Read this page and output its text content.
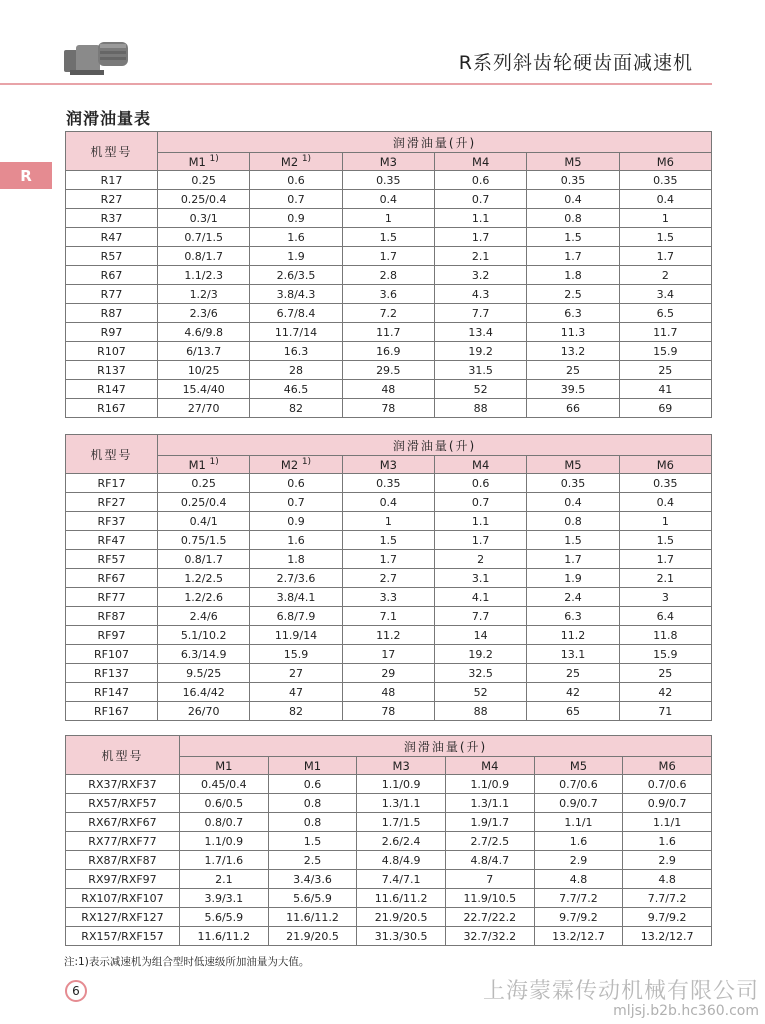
R系列斜齿轮硬齿面减速机
R
润滑油量表
机型号	润滑油量(升)					
	M1 $^{1)}$	M2 $^{1)}$	M3	M4	M5	M6
R17	0.25	0.6	0.35	0.6	0.35	0.35
R27	0.25/0.4	0.7	0.4	0.7	0.4	0.4
R37	0.3/1	0.9	1	1.1	0.8	1
R47	0.7/1.5	1.6	1.5	1.7	1.5	1.5
R57	0.8/1.7	1.9	1.7	2.1	1.7	1.7
R67	1.1/2.3	2.6/3.5	2.8	3.2	1.8	2
R77	1.2/3	3.8/4.3	3.6	4.3	2.5	3.4
R87	2.3/6	6.7/8.4	7.2	7.7	6.3	6.5
R97	4.6/9.8	11.7/14	11.7	13.4	11.3	11.7
R107	6/13.7	16.3	16.9	19.2	13.2	15.9
R137	10/25	28	29.5	31.5	25	25
R147	15.4/40	46.5	48	52	39.5	41
R167	27/70	82	78	88	66	69
机型号	润滑油量(升)					
	M1 $^{1)}$	M2 $^{1)}$	M3	M4	M5	M6
RF17	0.25	0.6	0.35	0.6	0.35	0.35
RF27	0.25/0.4	0.7	0.4	0.7	0.4	0.4
RF37	0.4/1	0.9	1	1.1	0.8	1
RF47	0.75/1.5	1.6	1.5	1.7	1.5	1.5
RF57	0.8/1.7	1.8	1.7	2	1.7	1.7
RF67	1.2/2.5	2.7/3.6	2.7	3.1	1.9	2.1
RF77	1.2/2.6	3.8/4.1	3.3	4.1	2.4	3
RF87	2.4/6	6.8/7.9	7.1	7.7	6.3	6.4
RF97	5.1/10.2	11.9/14	11.2	14	11.2	11.8
RF107	6.3/14.9	15.9	17	19.2	13.1	15.9
RF137	9.5/25	27	29	32.5	25	25
RF147	16.4/42	47	48	52	42	42
RF167	26/70	82	78	88	65	71
机型号	润滑油量(升)					
	M1	M1	M3	M4	M5	M6
RX37/RXF37	0.45/0.4	0.6	1.1/0.9	1.1/0.9	0.7/0.6	0.7/0.6
RX57/RXF57	0.6/0.5	0.8	1.3/1.1	1.3/1.1	0.9/0.7	0.9/0.7
RX67/RXF67	0.8/0.7	0.8	1.7/1.5	1.9/1.7	1.1/1	1.1/1
RX77/RXF77	1.1/0.9	1.5	2.6/2.4	2.7/2.5	1.6	1.6
RX87/RXF87	1.7/1.6	2.5	4.8/4.9	4.8/4.7	2.9	2.9
RX97/RXF97	2.1	3.4/3.6	7.4/7.1	7	4.8	4.8
RX107/RXF107	3.9/3.1	5.6/5.9	11.6/11.2	11.9/10.5	7.7/7.2	7.7/7.2
RX127/RXF127	5.6/5.9	11.6/11.2	21.9/20.5	22.7/22.2	9.7/9.2	9.7/9.2
RX157/RXF157	11.6/11.2	21.9/20.5	31.3/30.5	32.7/32.2	13.2/12.7	13.2/12.7
注:1)表示减速机为组合型时低速级所加油量为大值。
6	上海蒙霖传动机械有限公司
mljsj.b2b.hc360.com
